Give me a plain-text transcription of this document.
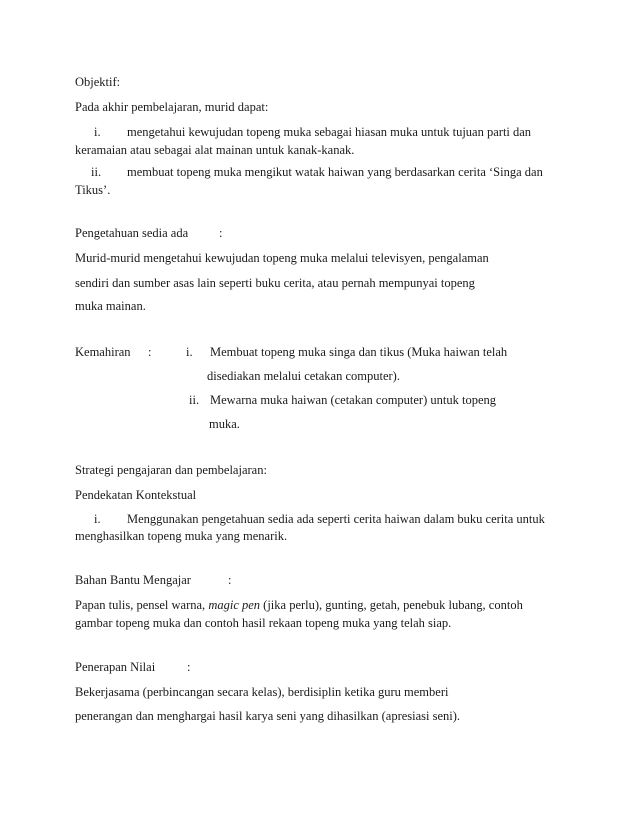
Objektif:
Pada akhir pembelajaran, murid dapat:
i. mengetahui kewujudan topeng muka sebagai hiasan muka untuk tujuan parti dan
keramaian atau sebagai alat mainan untuk kanak-kanak.
ii. membuat topeng muka mengikut watak haiwan yang berdasarkan cerita ‘Singa dan
Tikus’.
Pengetahuan sedia ada :
Murid-murid mengetahui kewujudan topeng muka melalui televisyen, pengalaman
sendiri dan sumber asas lain seperti buku cerita, atau pernah mempunyai topeng
muka mainan.
Kemahiran :	i. Membuat topeng muka singa dan tikus (Muka haiwan telah
disediakan melalui cetakan computer).
ii. Mewarna muka haiwan (cetakan computer) untuk topeng
muka.
Strategi pengajaran dan pembelajaran:
Pendekatan Kontekstual
i. Menggunakan pengetahuan sedia ada seperti cerita haiwan dalam buku cerita untuk
menghasilkan topeng muka yang menarik.
Bahan Bantu Mengajar	:
Papan tulis, pensel warna, magic pen (jika perlu), gunting, getah, penebuk lubang, contoh
gambar topeng muka dan contoh hasil rekaan topeng muka yang telah siap.
Penerapan Nilai	:
Bekerjasama (perbincangan secara kelas), berdisiplin ketika guru memberi
penerangan dan menghargai hasil karya seni yang dihasilkan (apresiasi seni).
